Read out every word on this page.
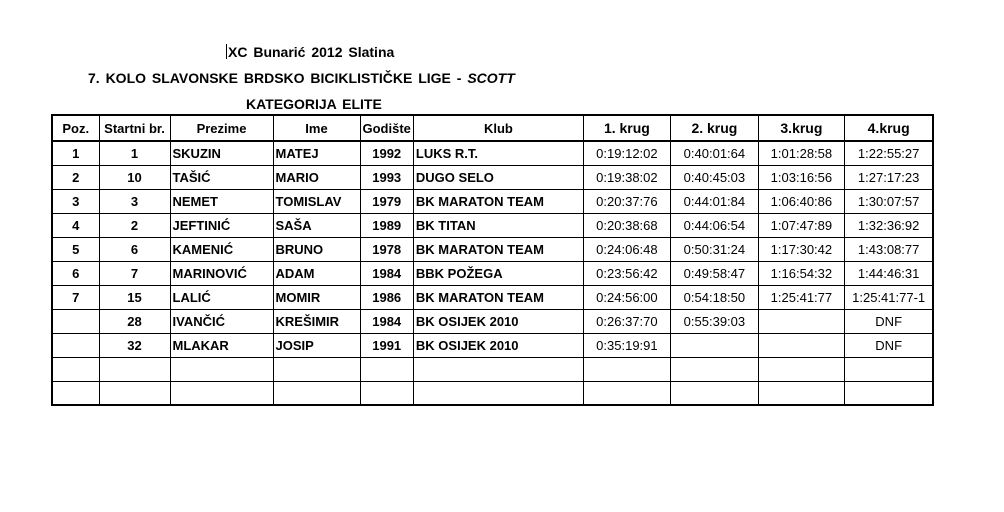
XC Bunarić 2012 Slatina
7. KOLO SLAVONSKE BRDSKO BICIKLISTIČKE LIGE - SCOTT
KATEGORIJA ELITE
Poz.	Startni br.	Prezime	Ime	Godište	Klub	1. krug	2. krug	3.krug	4.krug
1	1	SKUZIN	MATEJ	1992	LUKS R.T.	0:19:12:02	0:40:01:64	1:01:28:58	1:22:55:27
2	10	TAŠIĆ	MARIO	1993	DUGO SELO	0:19:38:02	0:40:45:03	1:03:16:56	1:27:17:23
3	3	NEMET	TOMISLAV	1979	BK MARATON TEAM	0:20:37:76	0:44:01:84	1:06:40:86	1:30:07:57
4	2	JEFTINIĆ	SAŠA	1989	BK TITAN	0:20:38:68	0:44:06:54	1:07:47:89	1:32:36:92
5	6	KAMENIĆ	BRUNO	1978	BK MARATON TEAM	0:24:06:48	0:50:31:24	1:17:30:42	1:43:08:77
6	7	MARINOVIĆ	ADAM	1984	BBK POŽEGA	0:23:56:42	0:49:58:47	1:16:54:32	1:44:46:31
7	15	LALIĆ	MOMIR	1986	BK MARATON TEAM	0:24:56:00	0:54:18:50	1:25:41:77	1:25:41:77-1
	28	IVANČIĆ	KREŠIMIR	1984	BK OSIJEK 2010	0:26:37:70	0:55:39:03		DNF
	32	MLAKAR	JOSIP	1991	BK OSIJEK 2010	0:35:19:91			DNF
